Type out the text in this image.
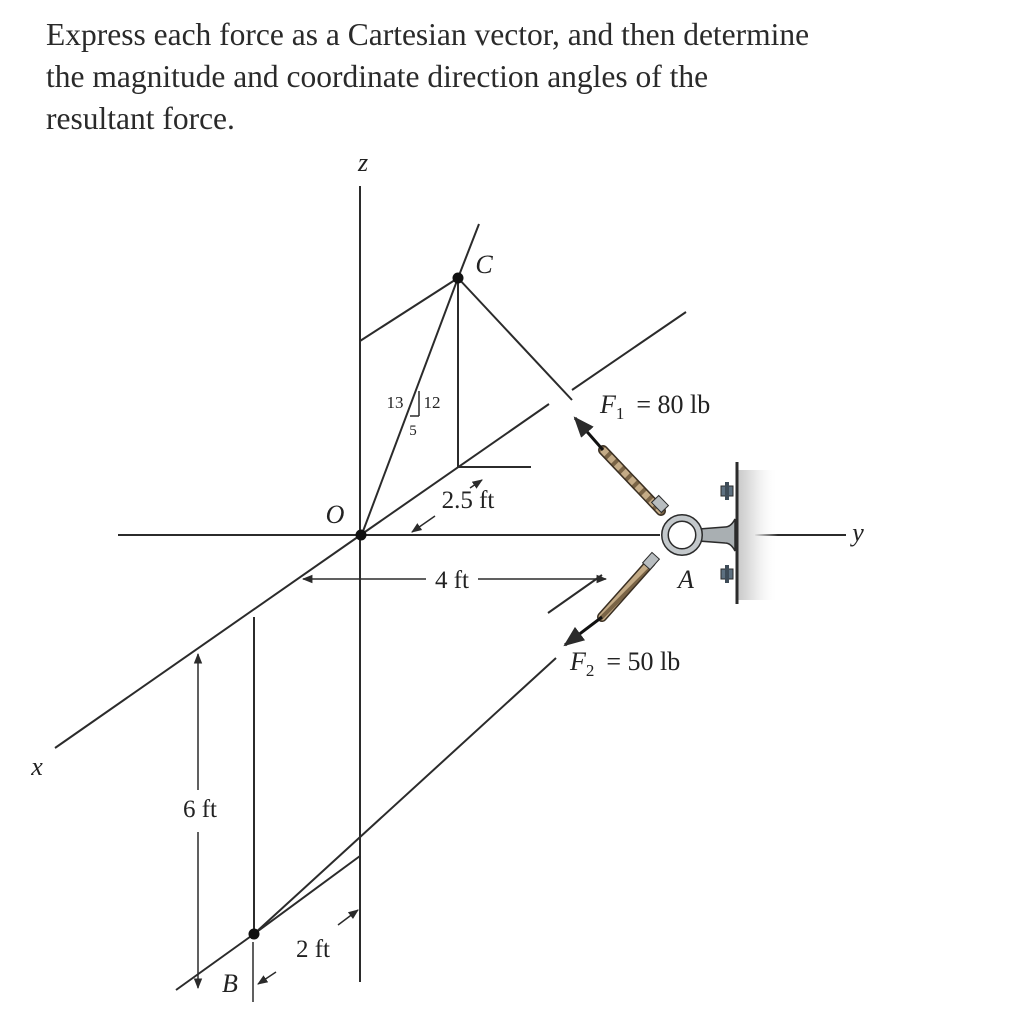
Express each force as a Cartesian vector, and then determine
the magnitude and coordinate direction angles of the
resultant force.

z
y
x
O
C
A
B
$F_1 = 80$ lb
$F_2 = 50$ lb
13 12
5
2.5 ft
4 ft
6 ft
2 ft
